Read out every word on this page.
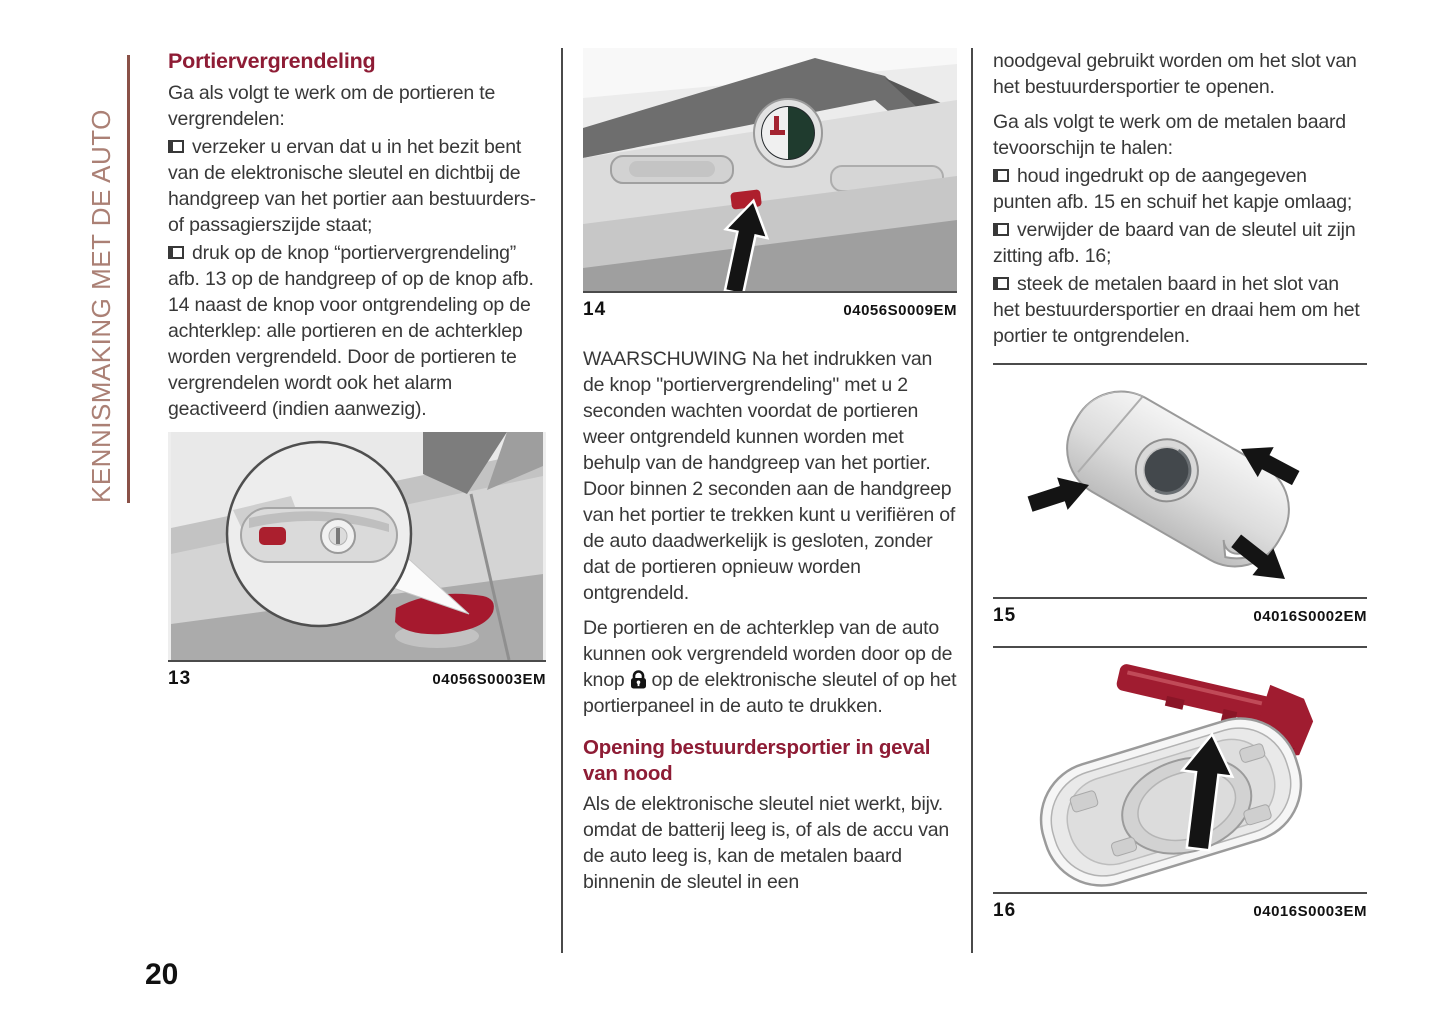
KENNISMAKING MET DE AUTO
Portiervergrendeling

Ga als volgt te werk om de portieren te vergrendelen:

verzeker u ervan dat u in het bezit bent van de elektronische sleutel en dichtbij de handgreep van het portier aan bestuurders- of passagierszijde staat;

druk op de knop “portiervergrendeling” afb. 13 op de handgreep of op de knop afb. 14 naast de knop voor ontgrendeling op de achterklep: alle portieren en de achterklep worden vergrendeld. Door de portieren te vergrendelen wordt ook het alarm geactiveerd (indien aanwezig).

13	04056S0003EM
14	04056S0009EM

WAARSCHUWING Na het indrukken van de knop "portiervergrendeling" met u 2 seconden wachten voordat de portieren weer ontgrendeld kunnen worden met behulp van de handgreep van het portier. Door binnen 2 seconden aan de handgreep van het portier te trekken kunt u verifiëren of de auto daadwerkelijk is gesloten, zonder dat de portieren opnieuw worden ontgrendeld.

De portieren en de achterklep van de auto kunnen ook vergrendeld worden door op de knop op de elektronische sleutel of op het portierpaneel in de auto te drukken.

Opening bestuurdersportier in geval van nood

Als de elektronische sleutel niet werkt, bijv. omdat de batterij leeg is, of als de accu van de auto leeg is, kan de metalen baard binnenin de sleutel in een

noodgeval gebruikt worden om het slot van het bestuurdersportier te openen.

Ga als volgt te werk om de metalen baard tevoorschijn te halen:

houd ingedrukt op de aangegeven punten afb. 15 en schuif het kapje omlaag;

verwijder de baard van de sleutel uit zijn zitting afb. 16;

steek de metalen baard in het slot van het bestuurdersportier en draai hem om het portier te ontgrendelen.

15	04016S0002EM
16	04016S0003EM
20
